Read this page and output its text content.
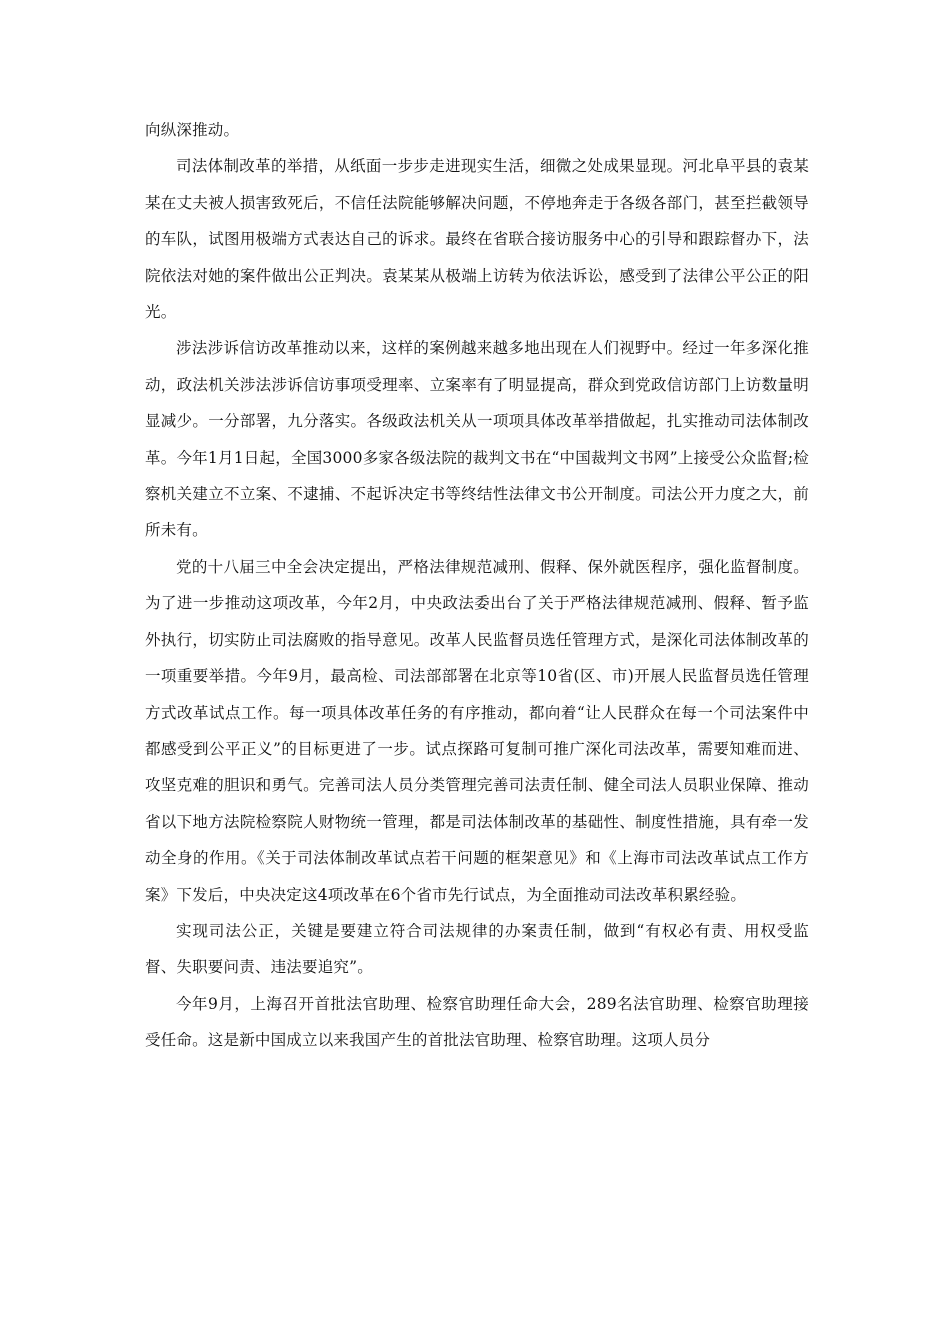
向纵深推动。

司法体制改革的举措，从纸面一步步走进现实生活，细微之处成果显现。河北阜平县的袁某某在丈夫被人损害致死后，不信任法院能够解决问题，不停地奔走于各级各部门，甚至拦截领导的车队，试图用极端方式表达自己的诉求。最终在省联合接访服务中心的引导和跟踪督办下，法院依法对她的案件做出公正判决。袁某某从极端上访转为依法诉讼，感受到了法律公平公正的阳光。

涉法涉诉信访改革推动以来，这样的案例越来越多地出现在人们视野中。经过一年多深化推动，政法机关涉法涉诉信访事项受理率、立案率有了明显提高，群众到党政信访部门上访数量明显减少。一分部署，九分落实。各级政法机关从一项项具体改革举措做起，扎实推动司法体制改革。今年1月1日起，全国3000多家各级法院的裁判文书在“中国裁判文书网”上接受公众监督;检察机关建立不立案、不逮捕、不起诉决定书等终结性法律文书公开制度。司法公开力度之大，前所未有。

党的十八届三中全会决定提出，严格法律规范减刑、假释、保外就医程序，强化监督制度。为了进一步推动这项改革，今年2月，中央政法委出台了关于严格法律规范减刑、假释、暂予监外执行，切实防止司法腐败的指导意见。改革人民监督员选任管理方式，是深化司法体制改革的一项重要举措。今年9月，最高检、司法部部署在北京等10省(区、市)开展人民监督员选任管理方式改革试点工作。每一项具体改革任务的有序推动，都向着“让人民群众在每一个司法案件中都感受到公平正义”的目标更进了一步。试点探路可复制可推广深化司法改革，需要知难而进、攻坚克难的胆识和勇气。完善司法人员分类管理完善司法责任制、健全司法人员职业保障、推动省以下地方法院检察院人财物统一管理，都是司法体制改革的基础性、制度性措施，具有牵一发动全身的作用。《关于司法体制改革试点若干问题的框架意见》和《上海市司法改革试点工作方案》下发后，中央决定这4项改革在6个省市先行试点，为全面推动司法改革积累经验。

实现司法公正，关键是要建立符合司法规律的办案责任制，做到“有权必有责、用权受监督、失职要问责、违法要追究”。

今年9月，上海召开首批法官助理、检察官助理任命大会，289名法官助理、检察官助理接受任命。这是新中国成立以来我国产生的首批法官助理、检察官助理。这项人员分
